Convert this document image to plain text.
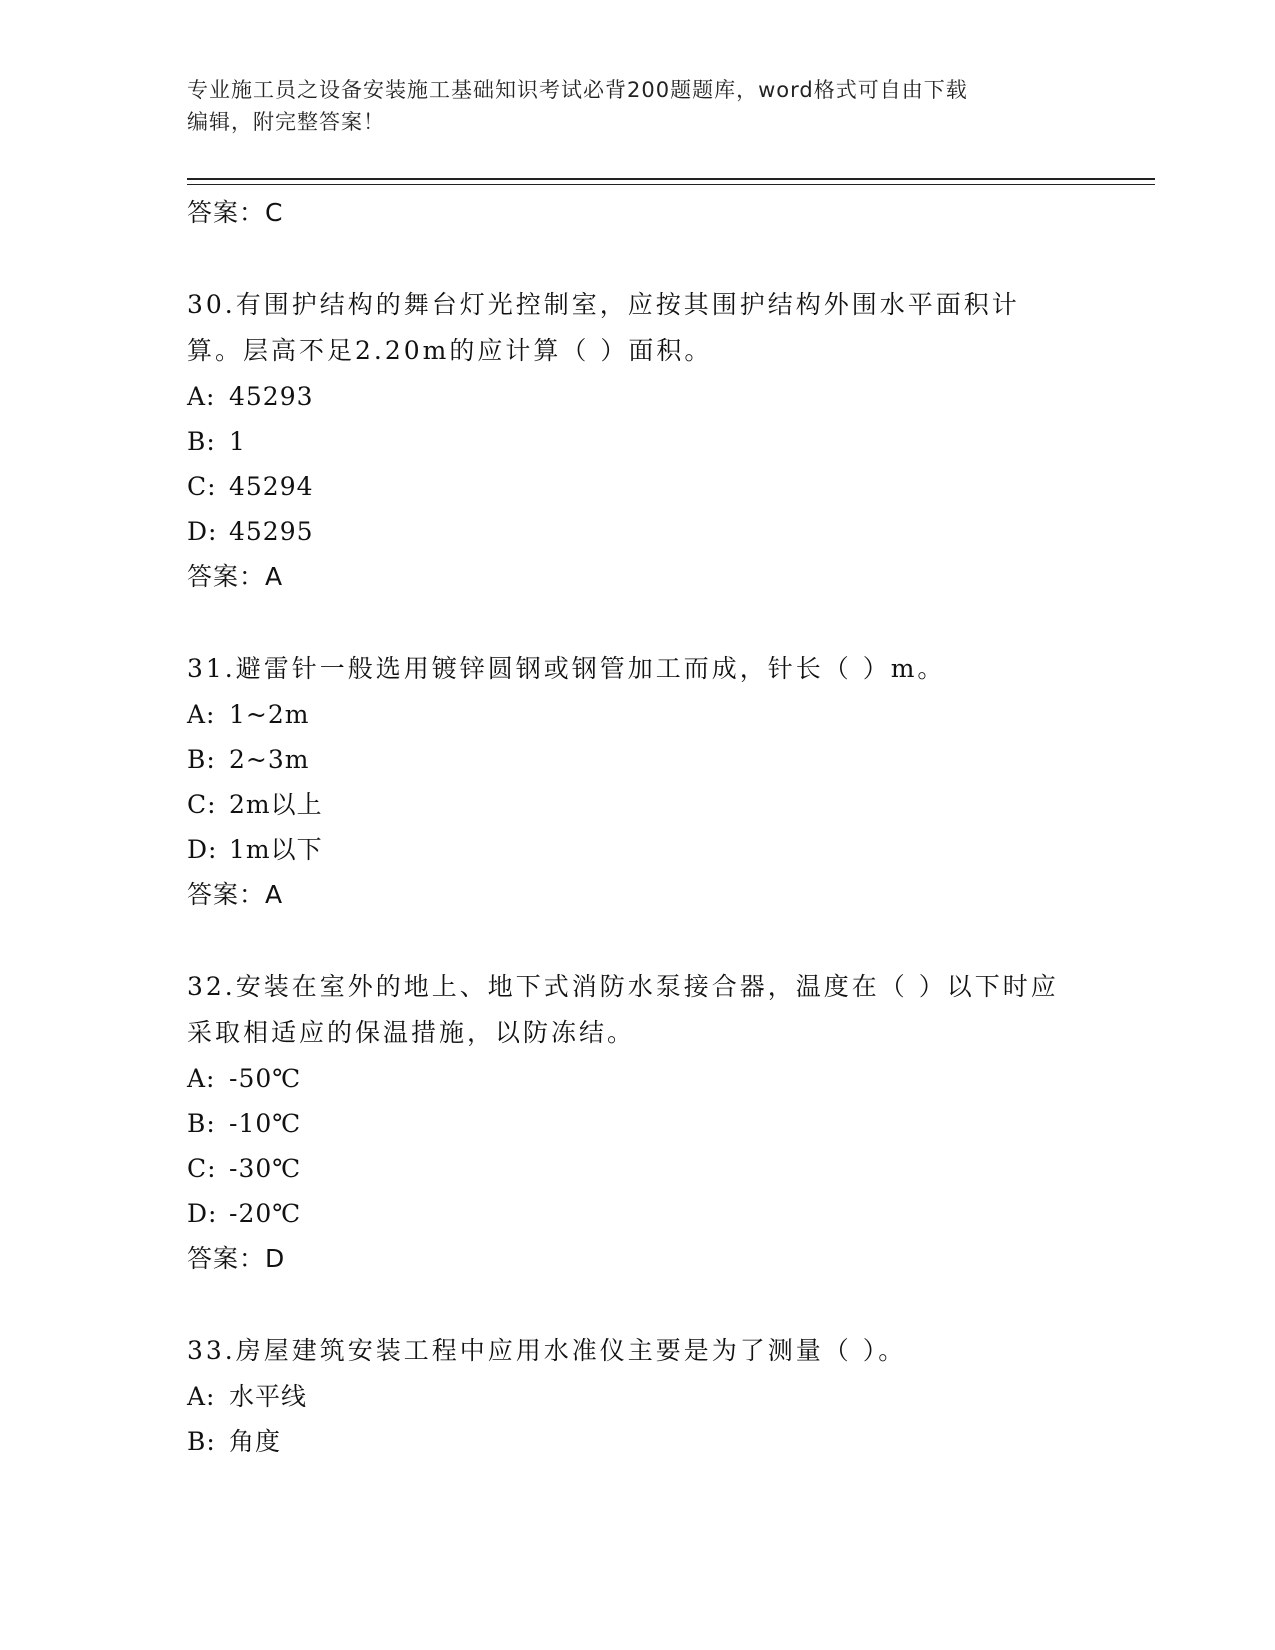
专业施工员之设备安装施工基础知识考试必背200题题库，word格式可自由下载
编辑，附完整答案！
答案：C
30.有围护结构的舞台灯光控制室，应按其围护结构外围水平面积计算。层高不足2.20m的应计算（ ）面积。
A: 45293
B: 1
C: 45294
D: 45295
答案：A
31.避雷针一般选用镀锌圆钢或钢管加工而成，针长（ ）m。
A: 1~2m
B: 2~3m
C: 2m以上
D: 1m以下
答案：A
32.安装在室外的地上、地下式消防水泵接合器，温度在（ ）以下时应采取相适应的保温措施，以防冻结。
A: -50℃
B: -10℃
C: -30℃
D: -20℃
答案：D
33.房屋建筑安装工程中应用水准仪主要是为了测量（ ）。
A: 水平线
B: 角度
